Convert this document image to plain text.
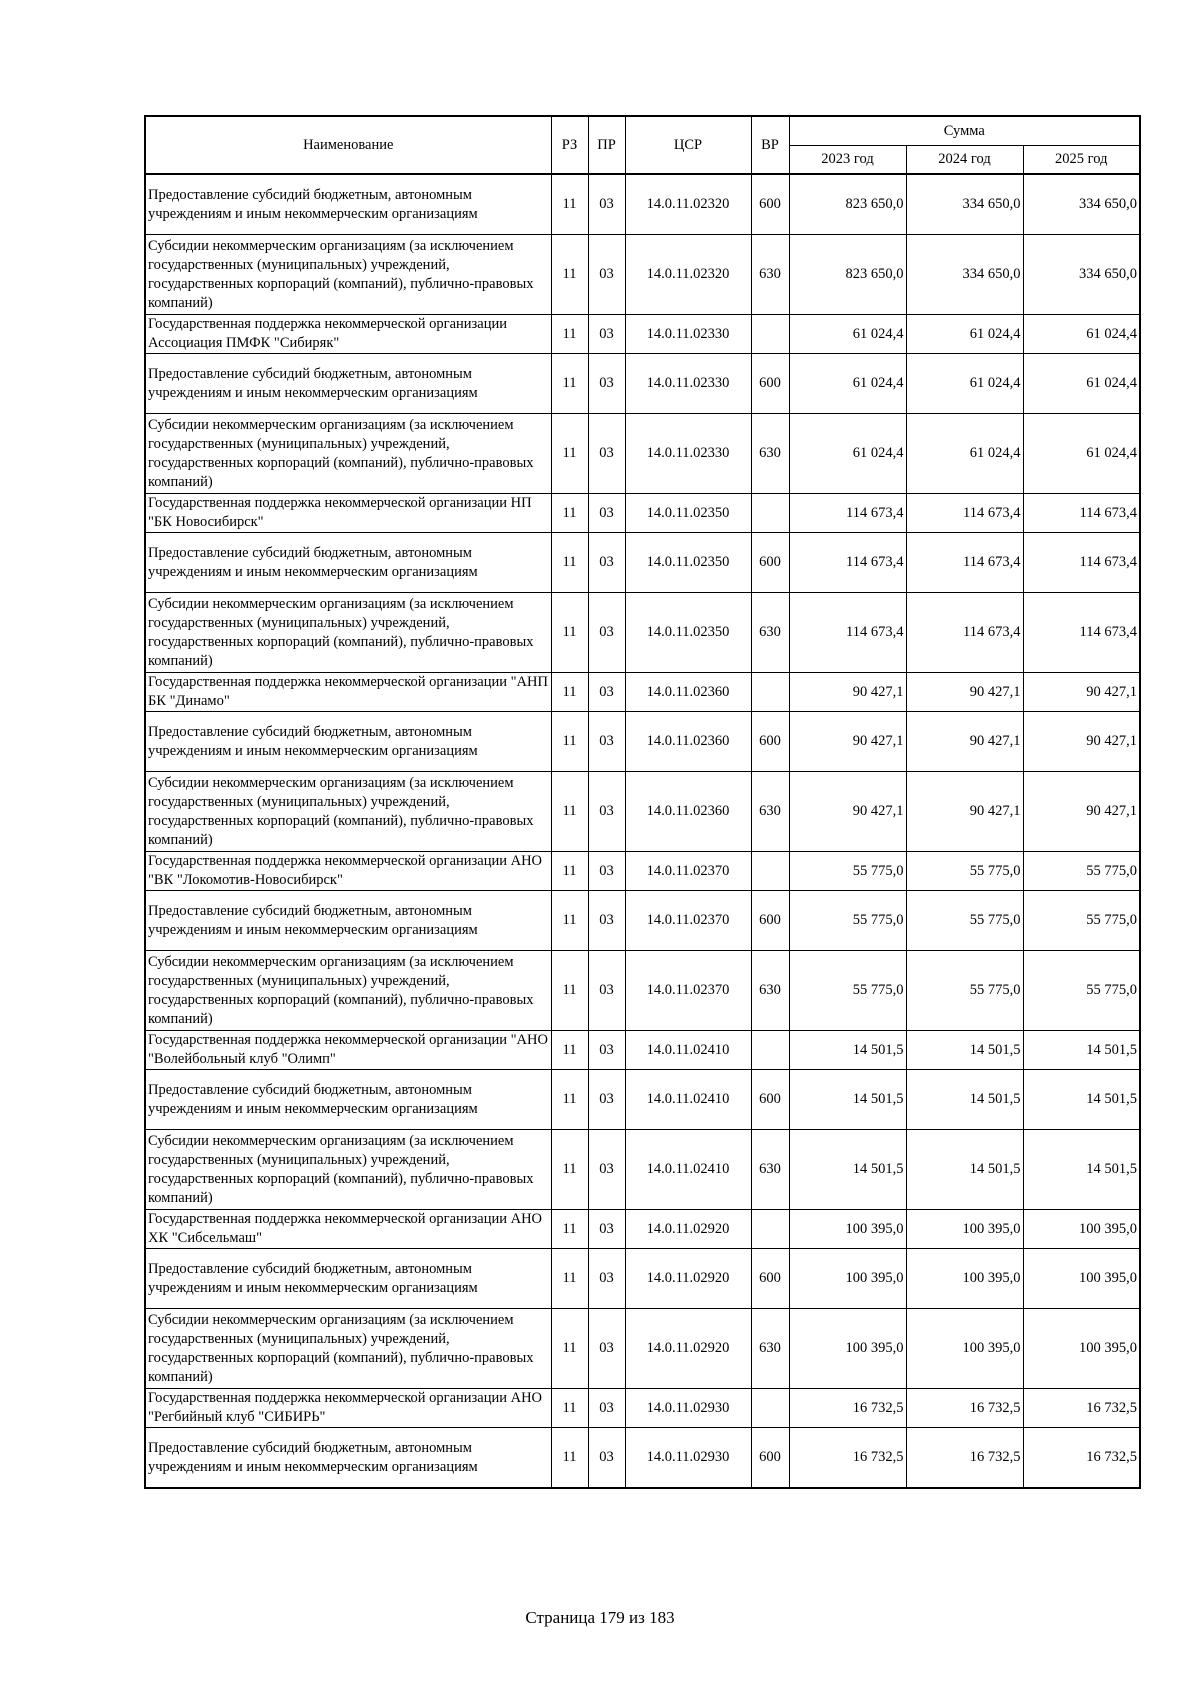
Наименование	РЗ	ПР	ЦСР	ВР	Сумма		
					2023 год	2024 год	2025 год
Предоставление субсидий бюджетным, автономным учреждениям и иным некоммерческим организациям	11	03	14.0.11.02320	600	823 650,0	334 650,0	334 650,0
Субсидии некоммерческим организациям (за исключением государственных (муниципальных) учреждений, государственных корпораций (компаний), публично-правовых компаний)	11	03	14.0.11.02320	630	823 650,0	334 650,0	334 650,0
Государственная поддержка некоммерческой организации Ассоциация ПМФК "Сибиряк"	11	03	14.0.11.02330		61 024,4	61 024,4	61 024,4
Предоставление субсидий бюджетным, автономным учреждениям и иным некоммерческим организациям	11	03	14.0.11.02330	600	61 024,4	61 024,4	61 024,4
Субсидии некоммерческим организациям (за исключением государственных (муниципальных) учреждений, государственных корпораций (компаний), публично-правовых компаний)	11	03	14.0.11.02330	630	61 024,4	61 024,4	61 024,4
Государственная поддержка некоммерческой организации НП "БК Новосибирск"	11	03	14.0.11.02350		114 673,4	114 673,4	114 673,4
Предоставление субсидий бюджетным, автономным учреждениям и иным некоммерческим организациям	11	03	14.0.11.02350	600	114 673,4	114 673,4	114 673,4
Субсидии некоммерческим организациям (за исключением государственных (муниципальных) учреждений, государственных корпораций (компаний), публично-правовых компаний)	11	03	14.0.11.02350	630	114 673,4	114 673,4	114 673,4
Государственная поддержка некоммерческой организации "АНП БК "Динамо"	11	03	14.0.11.02360		90 427,1	90 427,1	90 427,1
Предоставление субсидий бюджетным, автономным учреждениям и иным некоммерческим организациям	11	03	14.0.11.02360	600	90 427,1	90 427,1	90 427,1
Субсидии некоммерческим организациям (за исключением государственных (муниципальных) учреждений, государственных корпораций (компаний), публично-правовых компаний)	11	03	14.0.11.02360	630	90 427,1	90 427,1	90 427,1
Государственная поддержка некоммерческой организации АНО "ВК "Локомотив-Новосибирск"	11	03	14.0.11.02370		55 775,0	55 775,0	55 775,0
Предоставление субсидий бюджетным, автономным учреждениям и иным некоммерческим организациям	11	03	14.0.11.02370	600	55 775,0	55 775,0	55 775,0
Субсидии некоммерческим организациям (за исключением государственных (муниципальных) учреждений, государственных корпораций (компаний), публично-правовых компаний)	11	03	14.0.11.02370	630	55 775,0	55 775,0	55 775,0
Государственная поддержка некоммерческой организации "АНО "Волейбольный клуб "Олимп"	11	03	14.0.11.02410		14 501,5	14 501,5	14 501,5
Предоставление субсидий бюджетным, автономным учреждениям и иным некоммерческим организациям	11	03	14.0.11.02410	600	14 501,5	14 501,5	14 501,5
Субсидии некоммерческим организациям (за исключением государственных (муниципальных) учреждений, государственных корпораций (компаний), публично-правовых компаний)	11	03	14.0.11.02410	630	14 501,5	14 501,5	14 501,5
Государственная поддержка некоммерческой организации АНО ХК "Сибсельмаш"	11	03	14.0.11.02920		100 395,0	100 395,0	100 395,0
Предоставление субсидий бюджетным, автономным учреждениям и иным некоммерческим организациям	11	03	14.0.11.02920	600	100 395,0	100 395,0	100 395,0
Субсидии некоммерческим организациям (за исключением государственных (муниципальных) учреждений, государственных корпораций (компаний), публично-правовых компаний)	11	03	14.0.11.02920	630	100 395,0	100 395,0	100 395,0
Государственная поддержка некоммерческой организации АНО "Регбийный клуб "СИБИРЬ"	11	03	14.0.11.02930		16 732,5	16 732,5	16 732,5
Предоставление субсидий бюджетным, автономным учреждениям и иным некоммерческим организациям	11	03	14.0.11.02930	600	16 732,5	16 732,5	16 732,5
Страница 179 из 183
